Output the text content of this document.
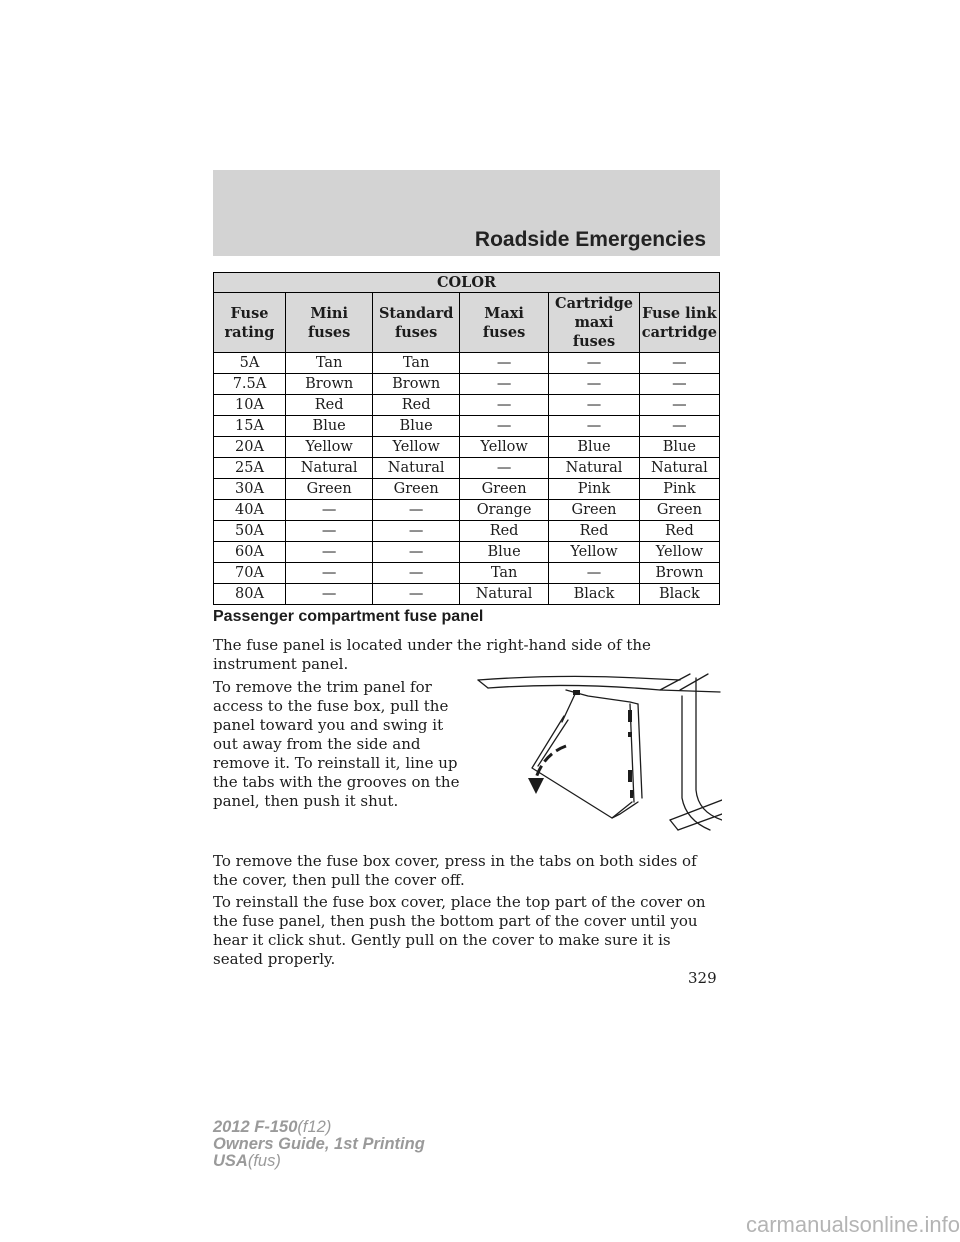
Roadside Emergencies
COLOR					
Fuse rating	Mini fuses	Standard fuses	Maxi fuses	Cartridge maxi fuses	Fuse link cartridge
5A	Tan	Tan	—	—	—
7.5A	Brown	Brown	—	—	—
10A	Red	Red	—	—	—
15A	Blue	Blue	—	—	—
20A	Yellow	Yellow	Yellow	Blue	Blue
25A	Natural	Natural	—	Natural	Natural
30A	Green	Green	Green	Pink	Pink
40A	—	—	Orange	Green	Green
50A	—	—	Red	Red	Red
60A	—	—	Blue	Yellow	Yellow
70A	—	—	Tan	—	Brown
80A	—	—	Natural	Black	Black
Passenger compartment fuse panel

The fuse panel is located under the right-hand side of the instrument panel.

To remove the trim panel for access to the fuse box, pull the panel toward you and swing it out away from the side and remove it. To reinstall it, line up the tabs with the grooves on the panel, then push it shut.

To remove the fuse box cover, press in the tabs on both sides of the cover, then pull the cover off.

To reinstall the fuse box cover, place the top part of the cover on the fuse panel, then push the bottom part of the cover until you hear it click shut. Gently pull on the cover to make sure it is seated properly.

329
2012 F-150(f12)
Owners Guide, 1st Printing
USA(fus)
carmanualsonline.info
